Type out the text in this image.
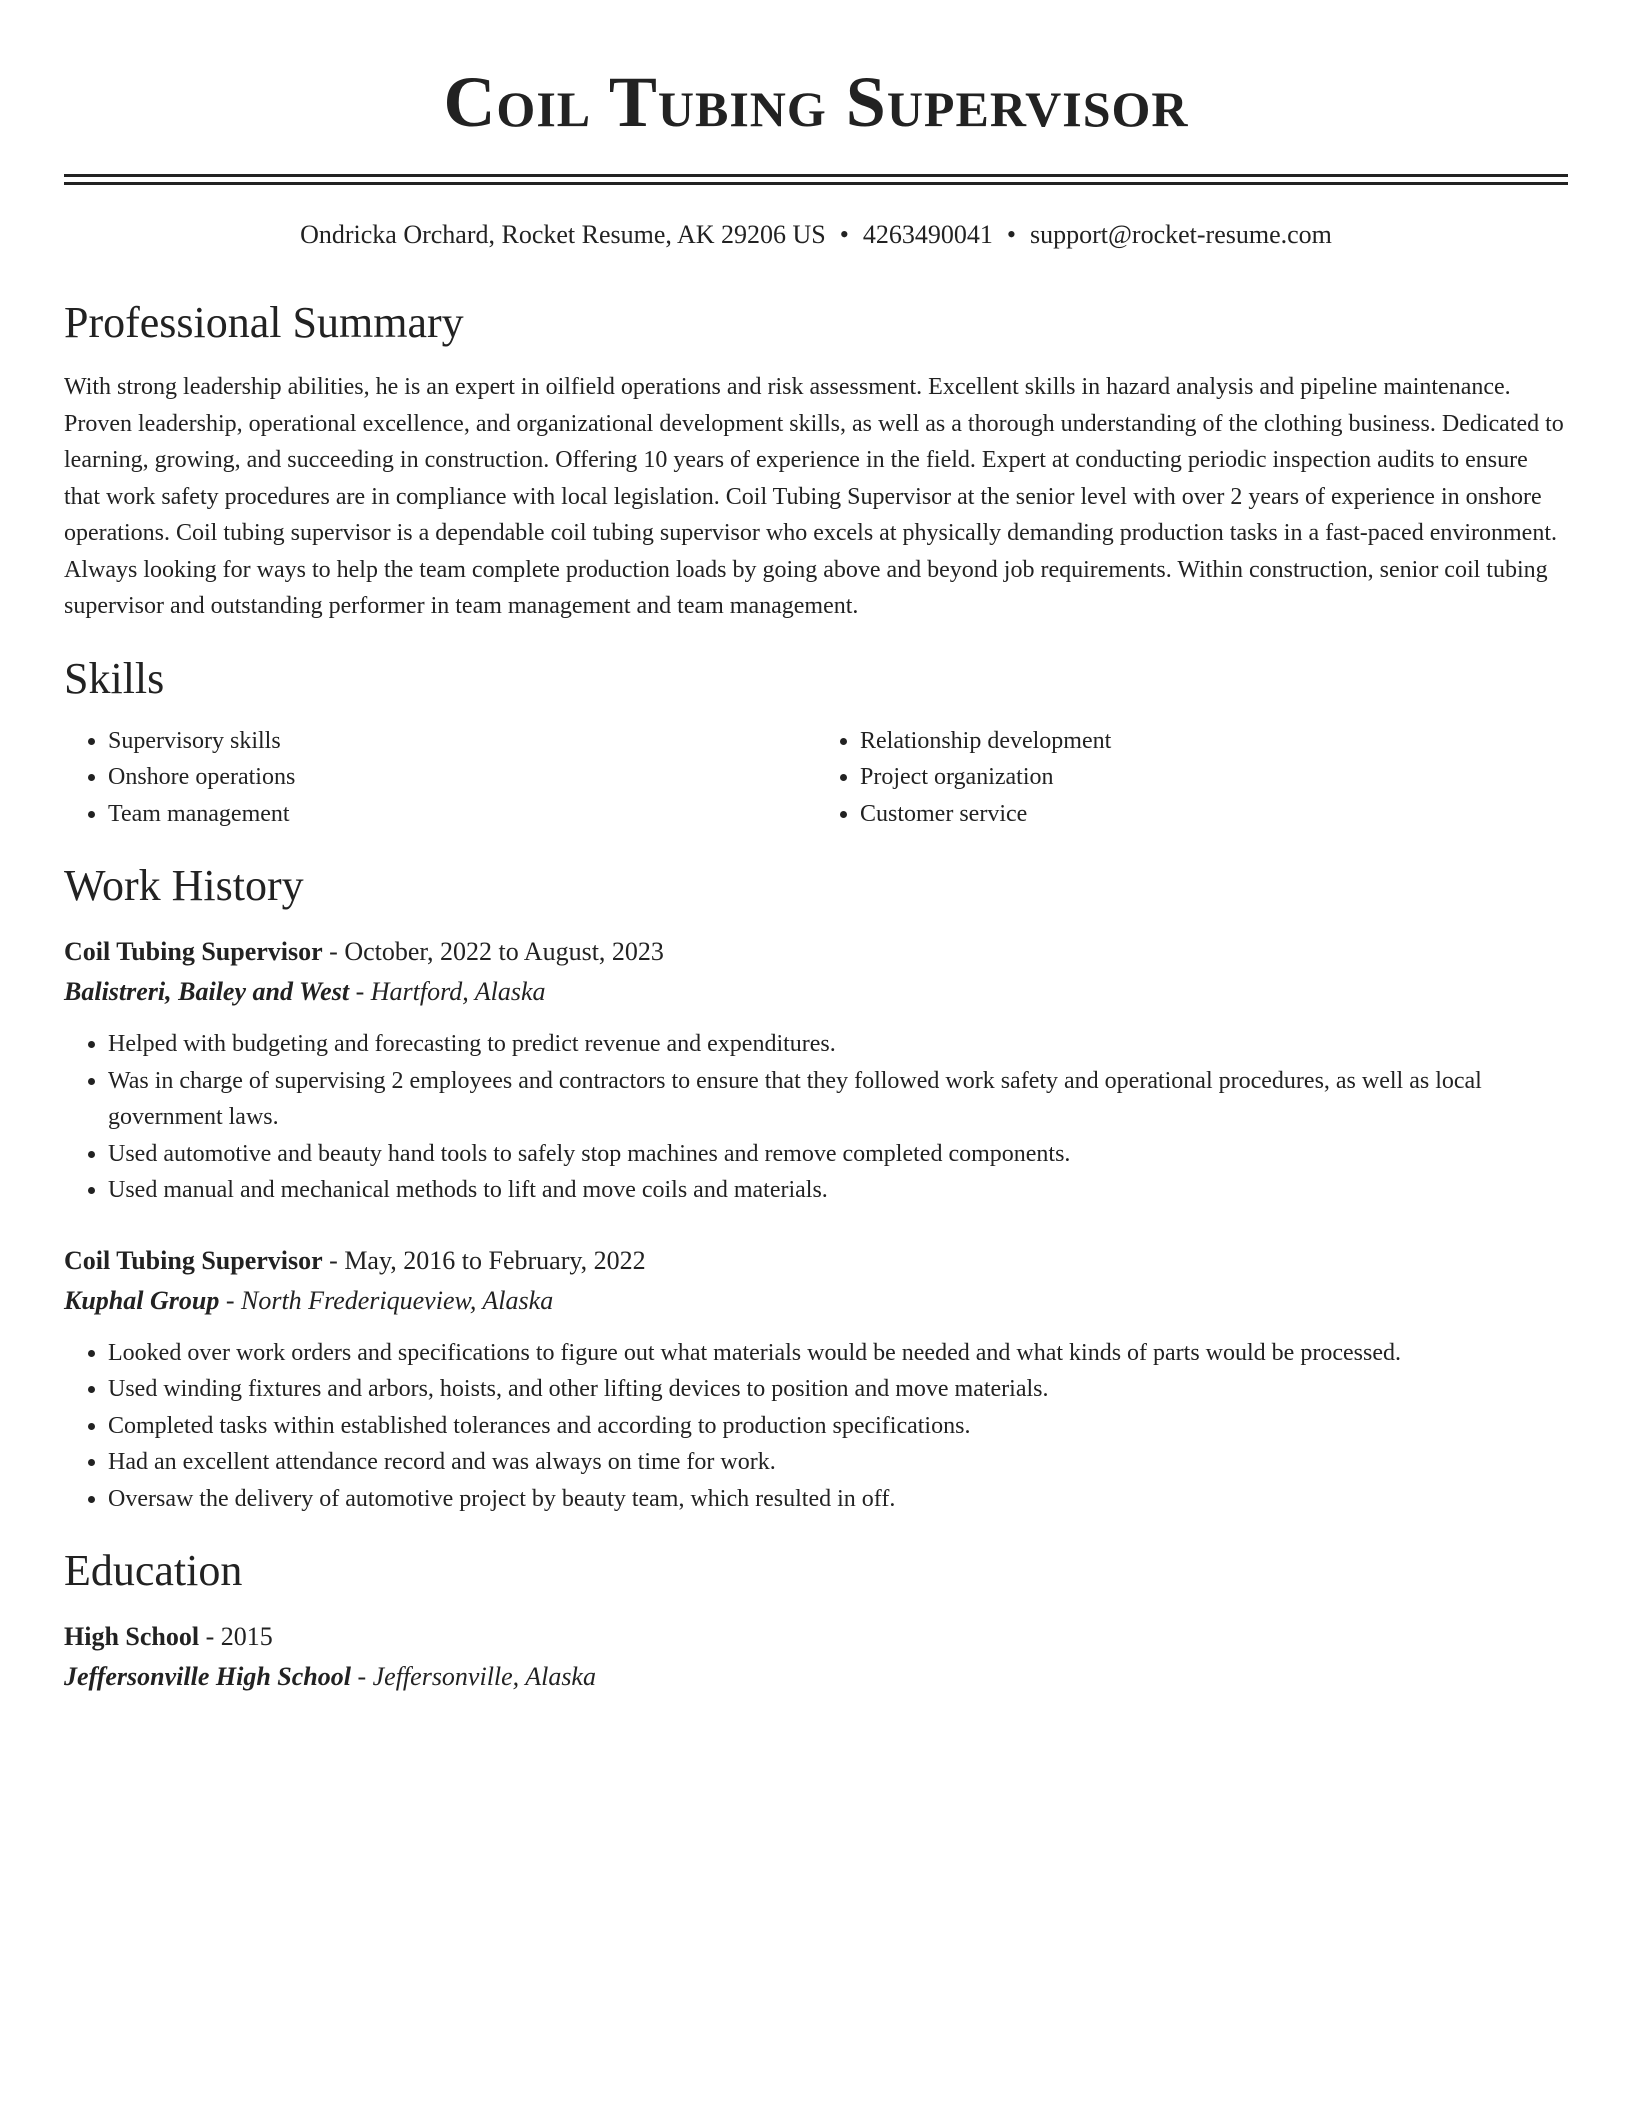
Coil Tubing Supervisor
Ondricka Orchard, Rocket Resume, AK 29206 US • 4263490041 • support@rocket-resume.com
Professional Summary
With strong leadership abilities, he is an expert in oilfield operations and risk assessment. Excellent skills in hazard analysis and pipeline maintenance. Proven leadership, operational excellence, and organizational development skills, as well as a thorough understanding of the clothing business. Dedicated to learning, growing, and succeeding in construction. Offering 10 years of experience in the field. Expert at conducting periodic inspection audits to ensure that work safety procedures are in compliance with local legislation. Coil Tubing Supervisor at the senior level with over 2 years of experience in onshore operations. Coil tubing supervisor is a dependable coil tubing supervisor who excels at physically demanding production tasks in a fast-paced environment. Always looking for ways to help the team complete production loads by going above and beyond job requirements. Within construction, senior coil tubing supervisor and outstanding performer in team management and team management.
Skills
• Supervisory skills
• Onshore operations
• Team management
• Relationship development
• Project organization
• Customer service
Work History
Coil Tubing Supervisor - October, 2022 to August, 2023
Balistreri, Bailey and West - Hartford, Alaska
• Helped with budgeting and forecasting to predict revenue and expenditures.
• Was in charge of supervising 2 employees and contractors to ensure that they followed work safety and operational procedures, as well as local government laws.
• Used automotive and beauty hand tools to safely stop machines and remove completed components.
• Used manual and mechanical methods to lift and move coils and materials.
Coil Tubing Supervisor - May, 2016 to February, 2022
Kuphal Group - North Frederiqueview, Alaska
• Looked over work orders and specifications to figure out what materials would be needed and what kinds of parts would be processed.
• Used winding fixtures and arbors, hoists, and other lifting devices to position and move materials.
• Completed tasks within established tolerances and according to production specifications.
• Had an excellent attendance record and was always on time for work.
• Oversaw the delivery of automotive project by beauty team, which resulted in off.
Education
High School - 2015
Jeffersonville High School - Jeffersonville, Alaska
